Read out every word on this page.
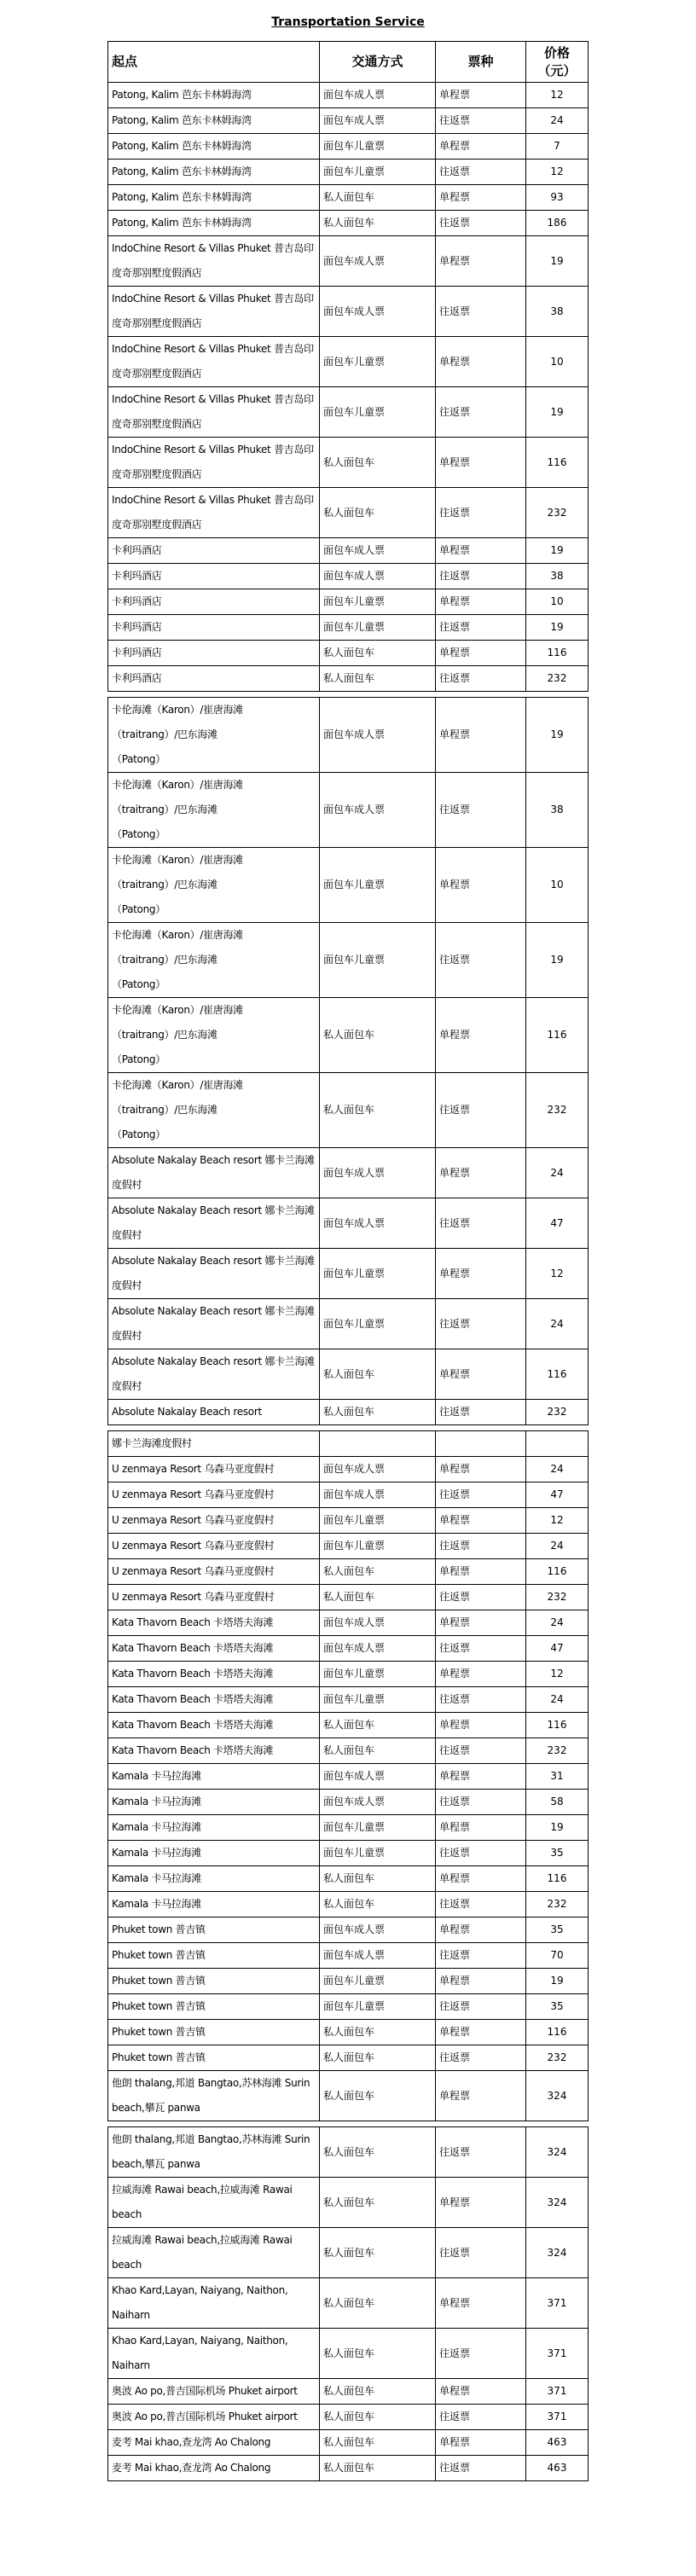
Transportation Service
起点	交通方式	票种	价格
（元）

Patong, Kalim 芭东卡林姆海湾	面包车成人票	单程票	12
Patong, Kalim 芭东卡林姆海湾	面包车成人票	往返票	24
Patong, Kalim 芭东卡林姆海湾	面包车儿童票	单程票	7
Patong, Kalim 芭东卡林姆海湾	面包车儿童票	往返票	12
Patong, Kalim 芭东卡林姆海湾	私人面包车	单程票	93
Patong, Kalim 芭东卡林姆海湾	私人面包车	往返票	186
IndoChine Resort & Villas Phuket 普吉岛印度奇那别墅度假酒店	面包车成人票	单程票	19
IndoChine Resort & Villas Phuket 普吉岛印度奇那别墅度假酒店	面包车成人票	往返票	38
IndoChine Resort & Villas Phuket 普吉岛印度奇那别墅度假酒店	面包车儿童票	单程票	10
IndoChine Resort & Villas Phuket 普吉岛印度奇那别墅度假酒店	面包车儿童票	往返票	19
IndoChine Resort & Villas Phuket 普吉岛印度奇那别墅度假酒店	私人面包车	单程票	116
IndoChine Resort & Villas Phuket 普吉岛印度奇那别墅度假酒店	私人面包车	往返票	232
卡利玛酒店	面包车成人票	单程票	19
卡利玛酒店	面包车成人票	往返票	38
卡利玛酒店	面包车儿童票	单程票	10
卡利玛酒店	面包车儿童票	往返票	19
卡利玛酒店	私人面包车	单程票	116
卡利玛酒店	私人面包车	往返票	232
卡伦海滩（Karon）/崔唐海滩
（traitrang）/巴东海滩
（Patong）	面包车成人票	单程票	19
卡伦海滩（Karon）/崔唐海滩
（traitrang）/巴东海滩
（Patong）	面包车成人票	往返票	38
卡伦海滩（Karon）/崔唐海滩
（traitrang）/巴东海滩
（Patong）	面包车儿童票	单程票	10
卡伦海滩（Karon）/崔唐海滩
（traitrang）/巴东海滩
（Patong）	面包车儿童票	往返票	19
卡伦海滩（Karon）/崔唐海滩
（traitrang）/巴东海滩
（Patong）	私人面包车	单程票	116
卡伦海滩（Karon）/崔唐海滩
（traitrang）/巴东海滩
（Patong）	私人面包车	往返票	232
Absolute Nakalay Beach resort 娜卡兰海滩度假村	面包车成人票	单程票	24
Absolute Nakalay Beach resort 娜卡兰海滩度假村	面包车成人票	往返票	47
Absolute Nakalay Beach resort 娜卡兰海滩度假村	面包车儿童票	单程票	12
Absolute Nakalay Beach resort 娜卡兰海滩度假村	面包车儿童票	往返票	24
Absolute Nakalay Beach resort 娜卡兰海滩度假村	私人面包车	单程票	116
Absolute Nakalay Beach resort	私人面包车	往返票	232
娜卡兰海滩度假村			
U zenmaya Resort 乌森马亚度假村	面包车成人票	单程票	24
U zenmaya Resort 乌森马亚度假村	面包车成人票	往返票	47
U zenmaya Resort 乌森马亚度假村	面包车儿童票	单程票	12
U zenmaya Resort 乌森马亚度假村	面包车儿童票	往返票	24
U zenmaya Resort 乌森马亚度假村	私人面包车	单程票	116
U zenmaya Resort 乌森马亚度假村	私人面包车	往返票	232
Kata Thavorn Beach 卡塔塔夫海滩	面包车成人票	单程票	24
Kata Thavorn Beach 卡塔塔夫海滩	面包车成人票	往返票	47
Kata Thavorn Beach 卡塔塔夫海滩	面包车儿童票	单程票	12
Kata Thavorn Beach 卡塔塔夫海滩	面包车儿童票	往返票	24
Kata Thavorn Beach 卡塔塔夫海滩	私人面包车	单程票	116
Kata Thavorn Beach 卡塔塔夫海滩	私人面包车	往返票	232
Kamala 卡马拉海滩	面包车成人票	单程票	31
Kamala 卡马拉海滩	面包车成人票	往返票	58
Kamala 卡马拉海滩	面包车儿童票	单程票	19
Kamala 卡马拉海滩	面包车儿童票	往返票	35
Kamala 卡马拉海滩	私人面包车	单程票	116
Kamala 卡马拉海滩	私人面包车	往返票	232
Phuket town 普吉镇	面包车成人票	单程票	35
Phuket town 普吉镇	面包车成人票	往返票	70
Phuket town 普吉镇	面包车儿童票	单程票	19
Phuket town 普吉镇	面包车儿童票	往返票	35
Phuket town 普吉镇	私人面包车	单程票	116
Phuket town 普吉镇	私人面包车	往返票	232
他朗 thalang,邦道 Bangtao,苏林海滩 Surin beach,攀瓦 panwa	私人面包车	单程票	324
他朗 thalang,邦道 Bangtao,苏林海滩 Surin beach,攀瓦 panwa	私人面包车	往返票	324
拉威海滩 Rawai beach,拉威海滩 Rawai beach	私人面包车	单程票	324
拉威海滩 Rawai beach,拉威海滩 Rawai beach	私人面包车	往返票	324
Khao Kard,Layan, Naiyang, Naithon, Naiharn	私人面包车	单程票	371
Khao Kard,Layan, Naiyang, Naithon, Naiharn	私人面包车	往返票	371
奥波 Ao po,普吉国际机场 Phuket airport	私人面包车	单程票	371
奥波 Ao po,普吉国际机场 Phuket airport	私人面包车	往返票	371
麦考 Mai khao,查龙湾 Ao Chalong	私人面包车	单程票	463
麦考 Mai khao,查龙湾 Ao Chalong	私人面包车	往返票	463
